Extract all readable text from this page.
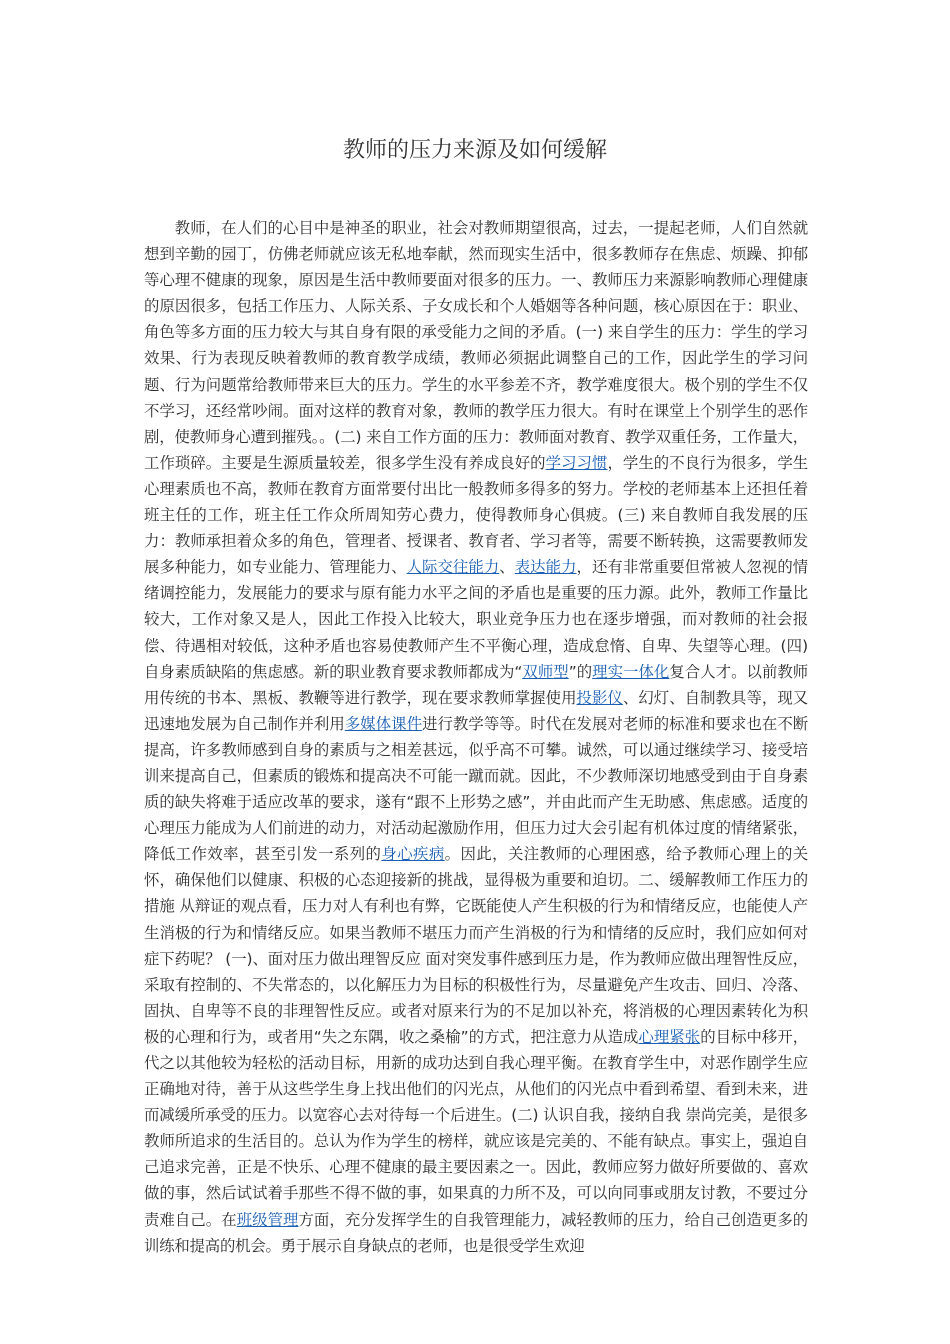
教师的压力来源及如何缓解

教师，在人们的心目中是神圣的职业，社会对教师期望很高，过去，一提起老师，人们自然就想到辛勤的园丁，仿佛老师就应该无私地奉献，然而现实生活中，很多教师存在焦虑、烦躁、抑郁等心理不健康的现象，原因是生活中教师要面对很多的压力。一、教师压力来源影响教师心理健康的原因很多，包括工作压力、人际关系、子女成长和个人婚姻等各种问题，核心原因在于：职业、角色等多方面的压力较大与其自身有限的承受能力之间的矛盾。(一) 来自学生的压力：学生的学习效果、行为表现反映着教师的教育教学成绩，教师必须据此调整自己的工作，因此学生的学习问题、行为问题常给教师带来巨大的压力。学生的水平参差不齐，教学难度很大。极个别的学生不仅不学习，还经常吵闹。面对这样的教育对象，教师的教学压力很大。有时在课堂上个别学生的恶作剧，使教师身心遭到摧残。。(二) 来自工作方面的压力：教师面对教育、教学双重任务，工作量大，工作琐碎。主要是生源质量较差，很多学生没有养成良好的学习习惯，学生的不良行为很多，学生心理素质也不高，教师在教育方面常要付出比一般教师多得多的努力。学校的老师基本上还担任着班主任的工作，班主任工作众所周知劳心费力，使得教师身心俱疲。(三) 来自教师自我发展的压力：教师承担着众多的角色，管理者、授课者、教育者、学习者等，需要不断转换，这需要教师发展多种能力，如专业能力、管理能力、人际交往能力、表达能力，还有非常重要但常被人忽视的情绪调控能力，发展能力的要求与原有能力水平之间的矛盾也是重要的压力源。此外，教师工作量比较大，工作对象又是人，因此工作投入比较大，职业竞争压力也在逐步增强，而对教师的社会报偿、待遇相对较低，这种矛盾也容易使教师产生不平衡心理，造成怠惰、自卑、失望等心理。(四) 自身素质缺陷的焦虑感。新的职业教育要求教师都成为“双师型”的理实一体化复合人才。以前教师用传统的书本、黑板、教鞭等进行教学，现在要求教师掌握使用投影仪、幻灯、自制教具等，现又迅速地发展为自己制作并利用多媒体课件进行教学等等。时代在发展对老师的标准和要求也在不断提高，许多教师感到自身的素质与之相差甚远，似乎高不可攀。诚然，可以通过继续学习、接受培训来提高自己，但素质的锻炼和提高决不可能一蹴而就。因此，不少教师深切地感受到由于自身素质的缺失将难于适应改革的要求，遂有“跟不上形势之感”，并由此而产生无助感、焦虑感。适度的心理压力能成为人们前进的动力，对活动起激励作用，但压力过大会引起有机体过度的情绪紧张，降低工作效率，甚至引发一系列的身心疾病。因此，关注教师的心理困惑，给予教师心理上的关怀，确保他们以健康、积极的心态迎接新的挑战，显得极为重要和迫切。二、缓解教师工作压力的措施 从辩证的观点看，压力对人有利也有弊，它既能使人产生积极的行为和情绪反应，也能使人产生消极的行为和情绪反应。如果当教师不堪压力而产生消极的行为和情绪的反应时，我们应如何对症下药呢？ (一)、面对压力做出理智反应 面对突发事件感到压力是，作为教师应做出理智性反应，采取有控制的、不失常态的，以化解压力为目标的积极性行为，尽量避免产生攻击、回归、冷落、固执、自卑等不良的非理智性反应。或者对原来行为的不足加以补充，将消极的心理因素转化为积极的心理和行为，或者用“失之东隅，收之桑榆”的方式，把注意力从造成心理紧张的目标中移开，代之以其他较为轻松的活动目标，用新的成功达到自我心理平衡。在教育学生中，对恶作剧学生应正确地对待，善于从这些学生身上找出他们的闪光点，从他们的闪光点中看到希望、看到未来，进而减缓所承受的压力。以宽容心去对待每一个后进生。(二) 认识自我，接纳自我 崇尚完美，是很多教师所追求的生活目的。总认为作为学生的榜样，就应该是完美的、不能有缺点。事实上，强迫自己追求完善，正是不快乐、心理不健康的最主要因素之一。因此，教师应努力做好所要做的、喜欢做的事，然后试试着手那些不得不做的事，如果真的力所不及，可以向同事或朋友讨教，不要过分责难自己。在班级管理方面，充分发挥学生的自我管理能力，减轻教师的压力，给自己创造更多的训练和提高的机会。勇于展示自身缺点的老师，也是很受学生欢迎
